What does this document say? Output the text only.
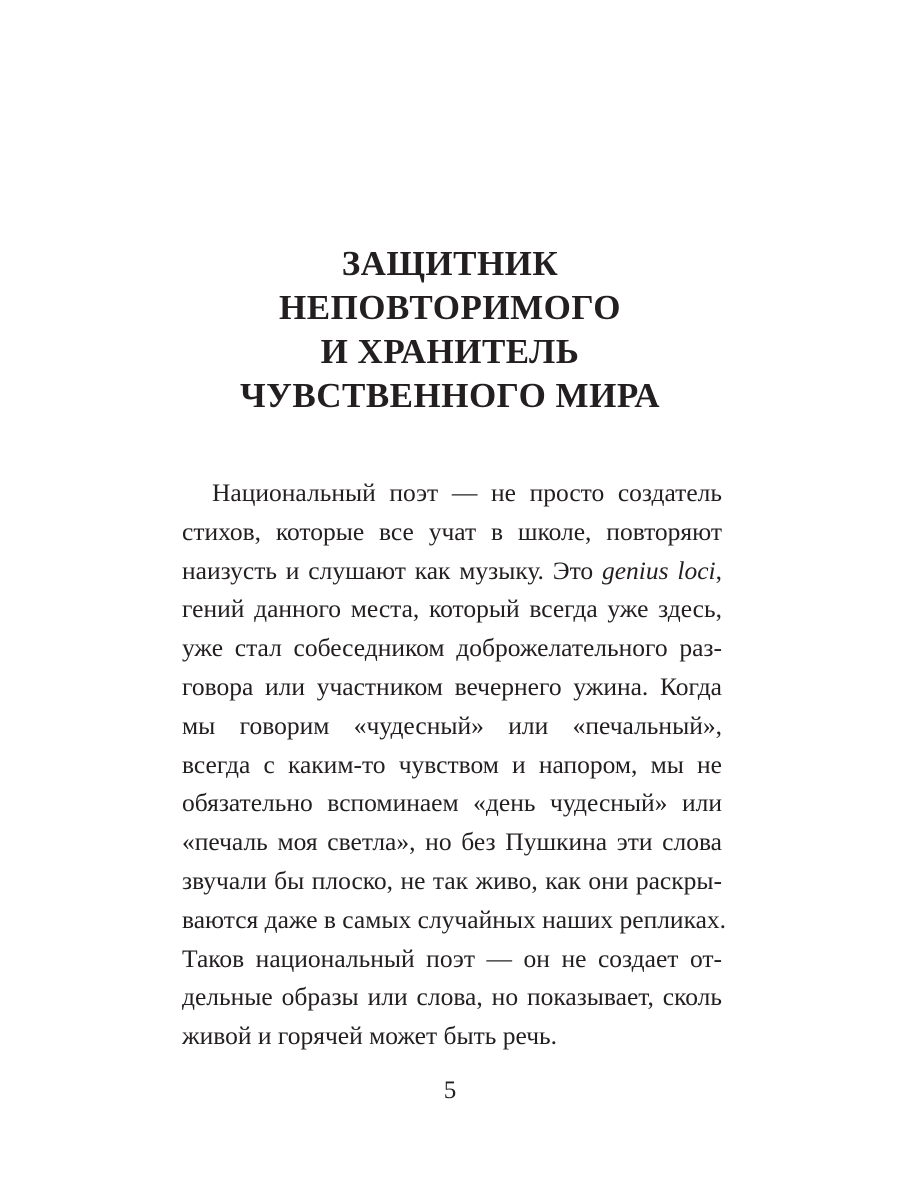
ЗАЩИТНИК
НЕПОВТОРИМОГО
И ХРАНИТЕЛЬ
ЧУВСТВЕННОГО МИРА
Национальный поэт — не просто создатель
стихов, которые все учат в школе, повторяют
наизусть и слушают как музыку. Это genius loci,
гений данного места, который всегда уже здесь,
уже стал собеседником доброжелательного раз-
говора или участником вечернего ужина. Когда
мы говорим «чудесный» или «печальный»,
всегда с каким-то чувством и напором, мы не
обязательно вспоминаем «день чудесный» или
«печаль моя светла», но без Пушкина эти слова
звучали бы плоско, не так живо, как они раскры-
ваются даже в самых случайных наших репликах.
Таков национальный поэт — он не создает от-
дельные образы или слова, но показывает, сколь
живой и горячей может быть речь.
5
